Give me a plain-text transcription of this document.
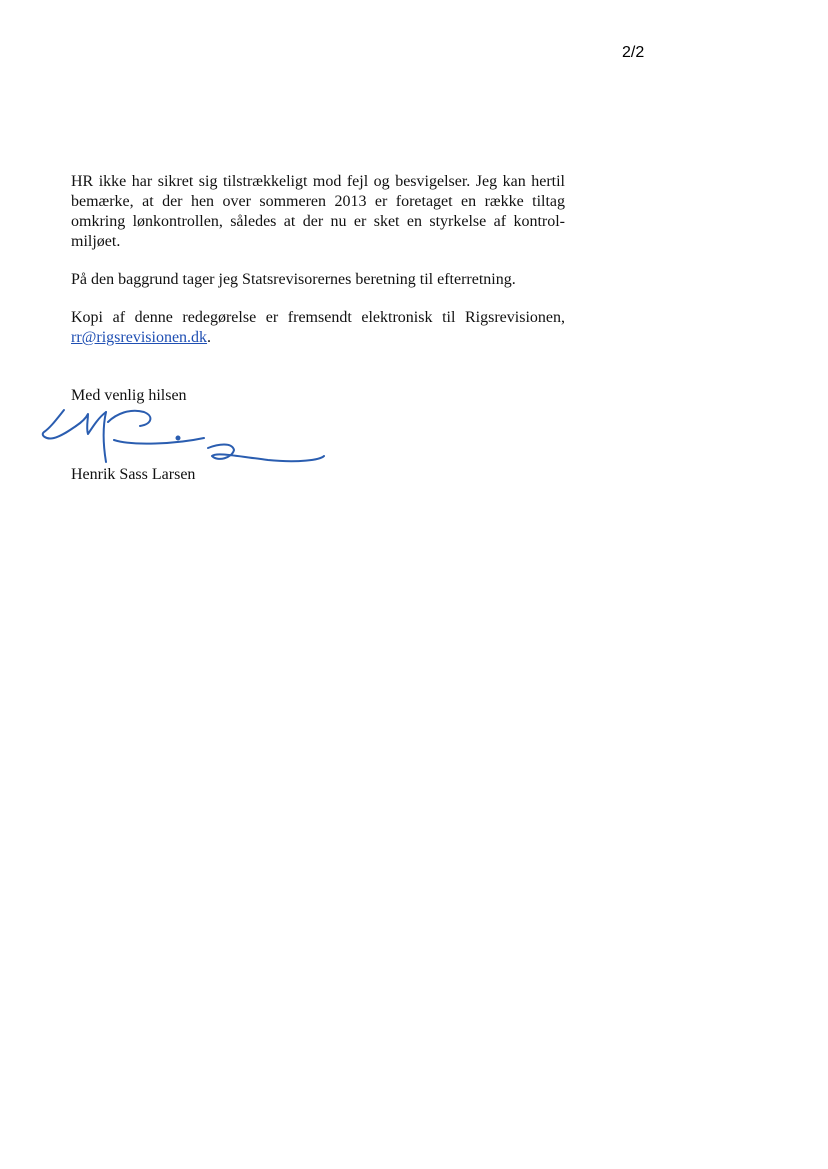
2/2

HR ikke har sikret sig tilstrækkeligt mod fejl og besvigelser. Jeg kan hertil bemærke, at der hen over sommeren 2013 er foretaget en række tiltag omkring lønkontrollen, således at der nu er sket en styrkelse af kontrolmiljøet.

På den baggrund tager jeg Statsrevisorernes beretning til efterretning.

Kopi af denne redegørelse er fremsendt elektronisk til Rigsrevisionen, rr@rigsrevisionen.dk.

Med venlig hilsen
Henrik Sass Larsen
